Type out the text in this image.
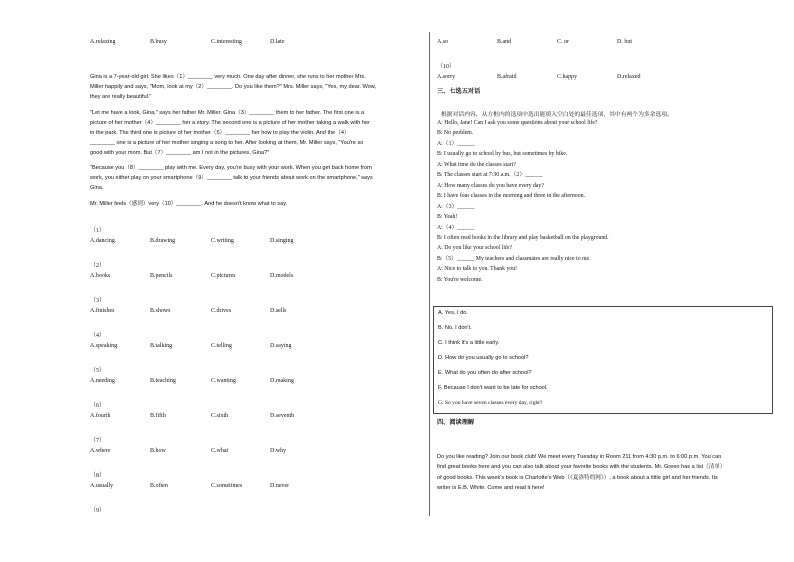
A.relaxing	B.busy	C.interesting	D.late

Gina is a 7-year-old girl. She likes（1）________ very much. One day after dinner, she runs to her mother Mrs.

Miller happily and says, "Mom, look at my（2）________. Do you like them?" Mrs. Miller says, "Yes, my dear. Wow,

they are really beautiful."

"Let me have a look, Gina," says her father Mr. Miller. Gina（3）________ them to her father. The first one is a

picture of her mother（4）________ her a story. The second one is a picture of her mother taking a walk with her

in the park. The third one is picture of her mother（5）________ her how to play the violin. And the（4）

________ one is a picture of her mother singing a song to her. After looking at them, Mr. Miller says, "You're so

good with your mom. But（7）________ am I not in the pictures, Gina?"

"Because you（8）________ play with me. Every day, you're busy with your work. When you get back home from

work, you either play on your smartphone（9）________ talk to your friends about work on the smartphone," says

Gina.

Mr. Miller feels（感到）very（10）________. And he doesn't know what to say.

（1）
A.dancing	B.drawing	C.writing	D.singing
（2）
A.books	B.pencils	C.pictures	D.models
（3）
A.finishes	B.shows	C.drives	D.sells
（4）
A.speaking	B.talking	C.telling	D.saying
（5）
A.needing	B.teaching	C.wanting	D.making
（6）
A.fourth	B.fifth	C.sixth	D.seventh
（7）
A.where	B.how	C.what	D.why
（8）
A.usually	B.often	C.sometimes	D.never
（9）
A.so	B.and	C. or	D. but
（10）
A.sorry	B.afraid	C.happy	D.relaxed
三、七选五对话
根据对话内容，从方框内的选项中选出能填入空白处的最佳选项，其中有两个为多余选项。
A: Hello, Jane! Can I ask you some questions about your school life?
B: No problem.
A:（1）______
B: I usually go to school by bus, but sometimes by bike.
A: What time do the classes start?
B: The classes start at 7:30 a.m.（2）______
A: How many classes do you have every day?
B: I have four classes in the morning and three in the afternoon.
A:（3）______
B: Yeah!
A:（4）______
B: I often read books in the library and play basketball on the playground.
A: Do you like your school life?
B:（5）______ My teachers and classmates are really nice to me.
A: Nice to talk to you. Thank you!
B: You're welcome.
A. Yes, I do.
B. No, I don't.
C. I think it's a little early.
D. How do you usually go to school?
E. What do you often do after school?
F. Because I don't want to be late for school.
G. So you have seven classes every day, right?
四、阅读理解

Do you like reading? Join our book club! We meet every Tuesday in Room 211 from 4:30 p.m. to 6:00 p.m. You can

find great books here and you can also talk about your favorite books with the students. Mr. Green has a list（清单）

of good books. This week's book is Charlotte's Web（《夏洛特的网》）, a book about a little girl and her friends. Its

writer is E.B. White. Come and read it here!
